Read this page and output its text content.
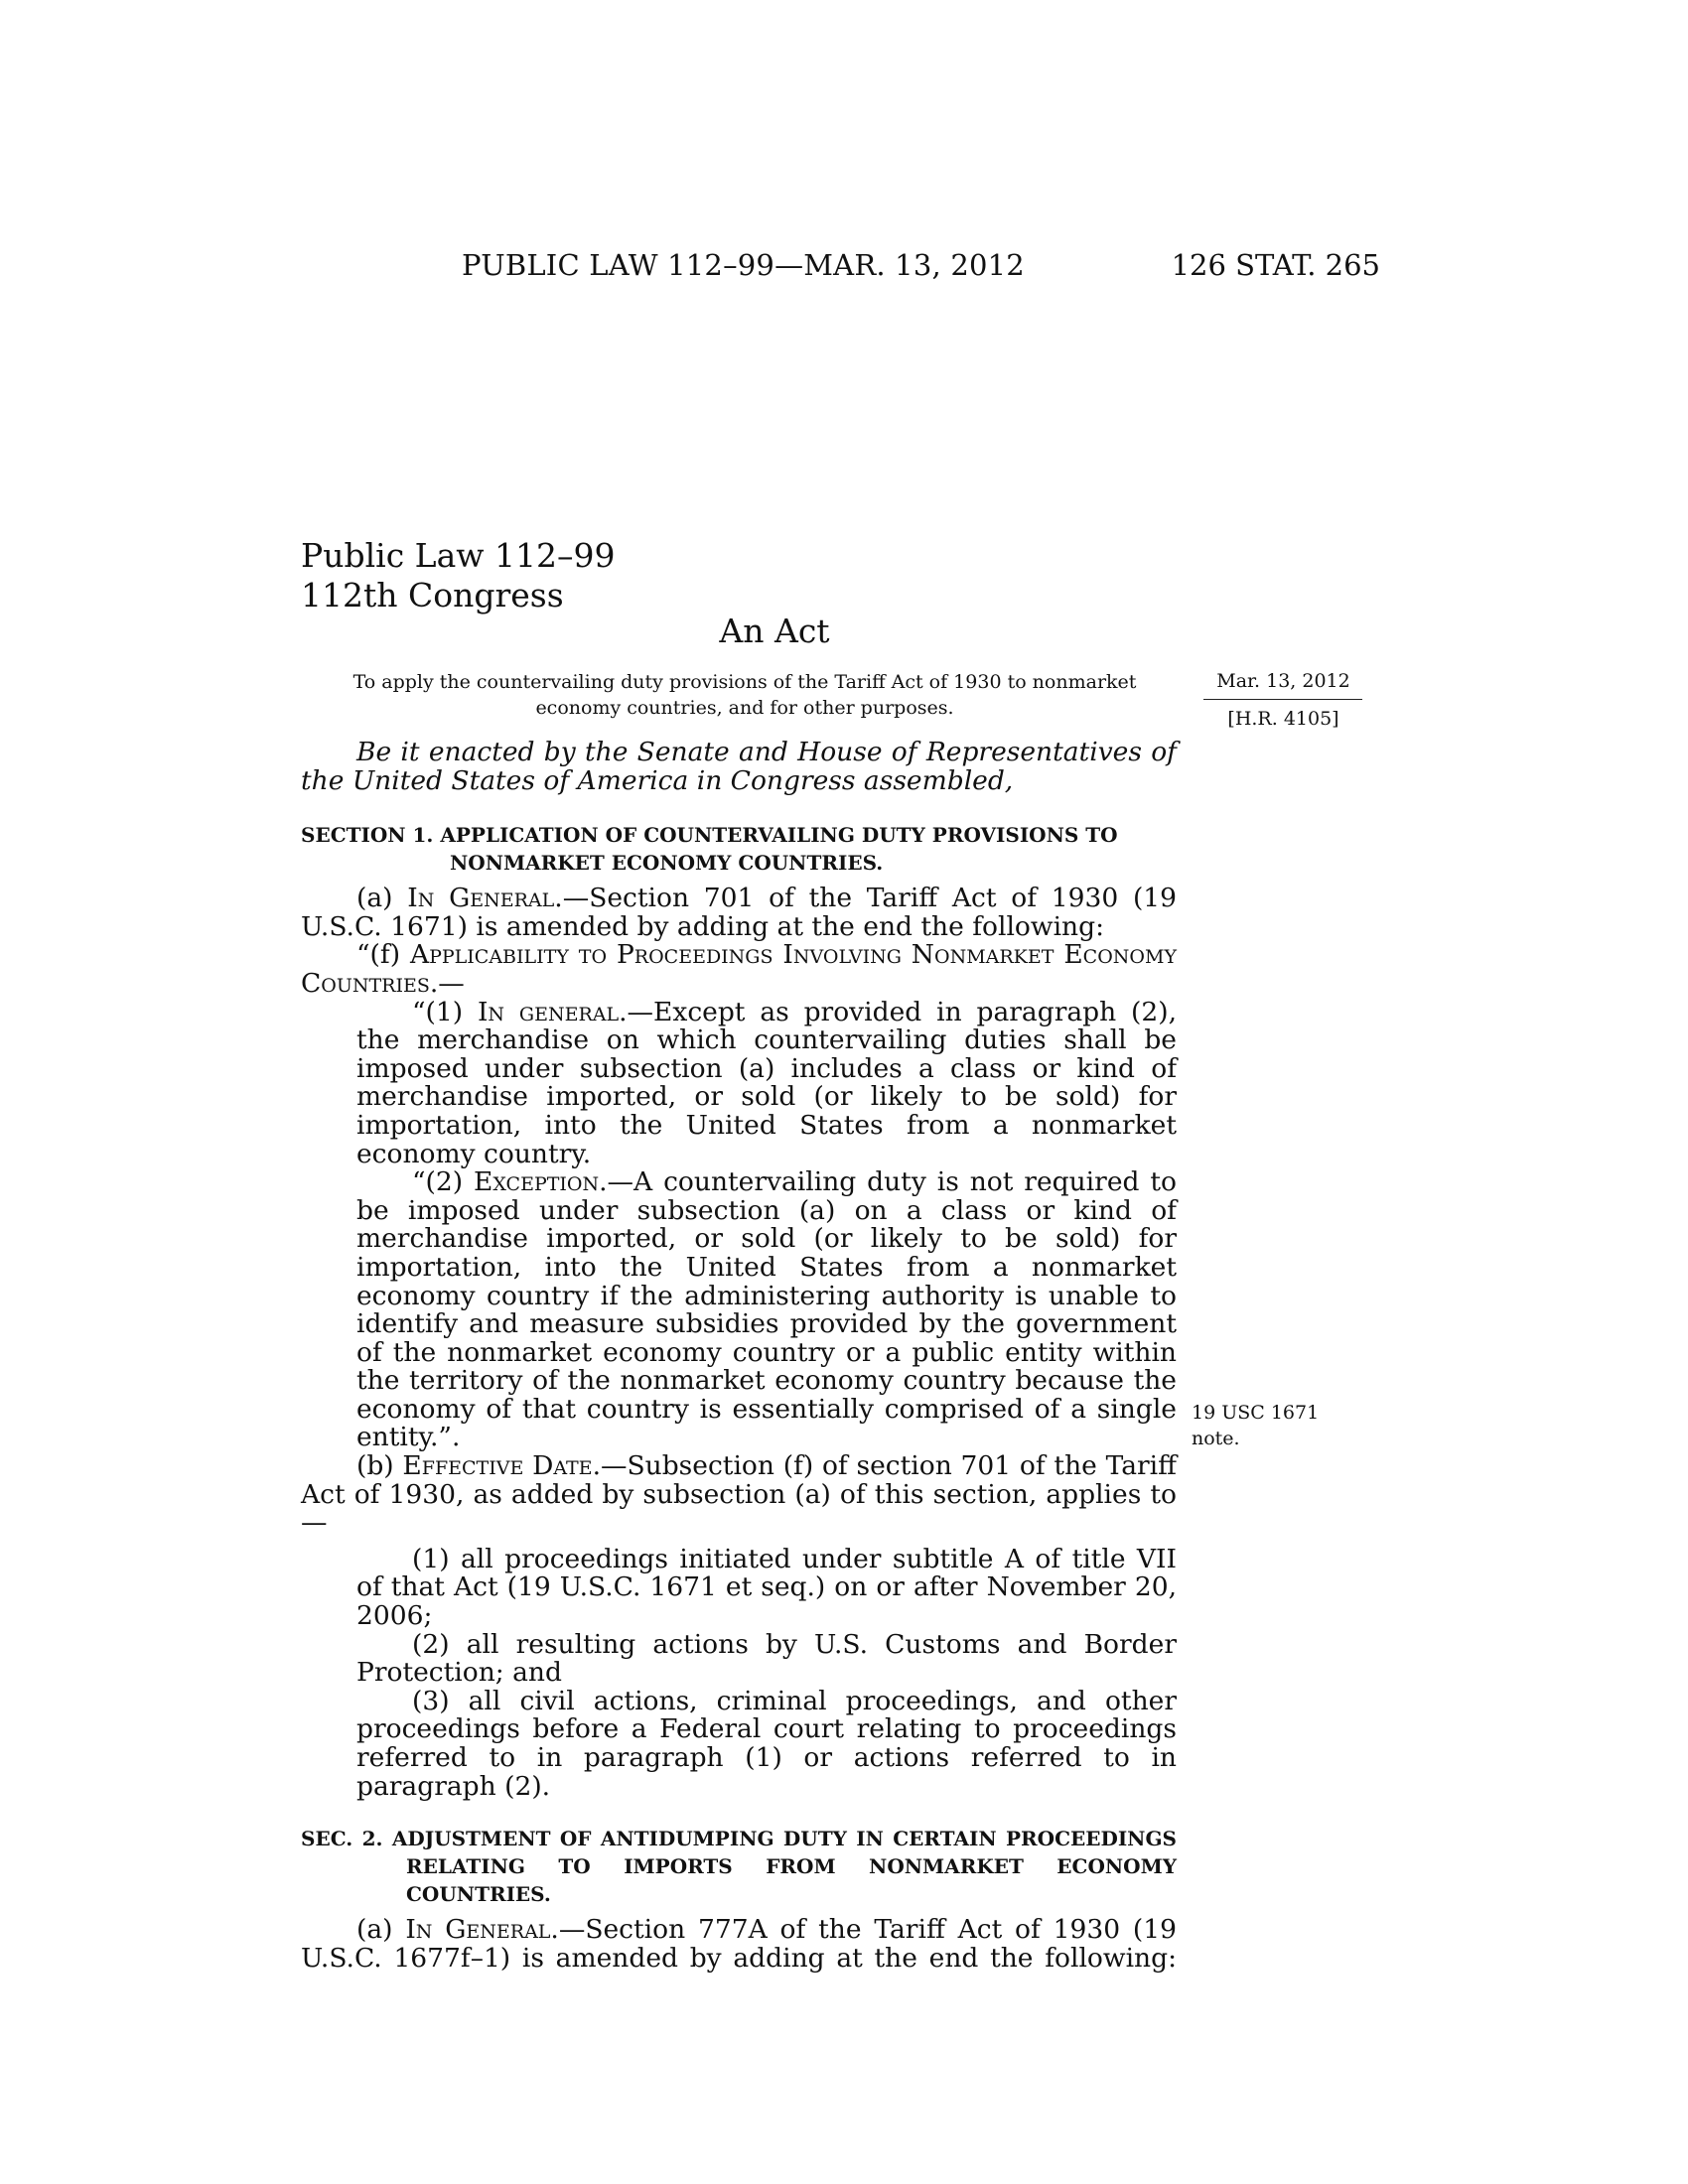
PUBLIC LAW 112–99—MAR. 13, 2012	126 STAT. 265
Public Law 112–99
112th Congress
An Act
To apply the countervailing duty provisions of the Tariff Act of 1930 to nonmarket economy countries, and for other purposes.
Mar. 13, 2012
[H.R. 4105]
19 USC 1671
note.

Be it enacted by the Senate and House of Representatives of the United States of America in Congress assembled,

SECTION 1. APPLICATION OF COUNTERVAILING DUTY PROVISIONS TO
NONMARKET ECONOMY COUNTRIES.

(a) In General.—Section 701 of the Tariff Act of 1930 (19 U.S.C. 1671) is amended by adding at the end the following:

“(f) Applicability to Proceedings Involving Nonmarket Economy Countries.—

“(1) In general.—Except as provided in paragraph (2), the merchandise on which countervailing duties shall be imposed under subsection (a) includes a class or kind of merchandise imported, or sold (or likely to be sold) for importation, into the United States from a nonmarket economy country.

“(2) Exception.—A countervailing duty is not required to be imposed under subsection (a) on a class or kind of merchandise imported, or sold (or likely to be sold) for importation, into the United States from a nonmarket economy country if the administering authority is unable to identify and measure subsidies provided by the government of the nonmarket economy country or a public entity within the territory of the nonmarket economy country because the economy of that country is essentially comprised of a single entity.”.

(b) Effective Date.—Subsection (f) of section 701 of the Tariff Act of 1930, as added by subsection (a) of this section, applies to—

(1) all proceedings initiated under subtitle A of title VII of that Act (19 U.S.C. 1671 et seq.) on or after November 20, 2006;

(2) all resulting actions by U.S. Customs and Border Protection; and

(3) all civil actions, criminal proceedings, and other proceedings before a Federal court relating to proceedings referred to in paragraph (1) or actions referred to in paragraph (2).

SEC. 2. ADJUSTMENT OF ANTIDUMPING DUTY IN CERTAIN PROCEEDINGS RELATING TO IMPORTS FROM NONMARKET ECONOMY COUNTRIES.

(a) In General.—Section 777A of the Tariff Act of 1930 (19 U.S.C. 1677f–1) is amended by adding at the end the following:
